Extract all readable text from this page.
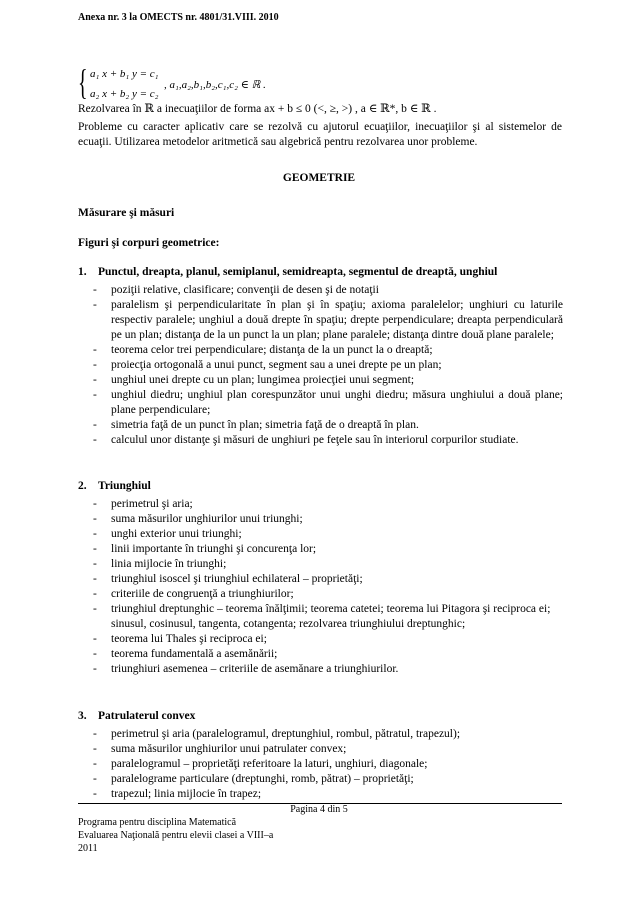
Anexa nr. 3 la OMECTS nr. 4801/31.VIII. 2010
{ a₁ x + b₁ y = c₁
a₂ x + b₂ y = c₂
, a₁,a₂,b₁,b₂,c₁,c₂ ∈ ℝ .
Rezolvarea în ℝ a inecuaţiilor de forma ax + b ≤ 0 (<, ≥, >) , a ∈ ℝ*, b ∈ ℝ .
Probleme cu caracter aplicativ care se rezolvă cu ajutorul ecuaţiilor, inecuaţiilor şi al sistemelor de ecuaţii. Utilizarea metodelor aritmetică sau algebrică pentru rezolvarea unor probleme.
GEOMETRIE
Măsurare şi măsuri
Figuri şi corpuri geometrice:
1. Punctul, dreapta, planul, semiplanul, semidreapta, segmentul de dreaptă, unghiul
- poziţii relative, clasificare; convenţii de desen şi de notaţii
- paralelism şi perpendicularitate în plan şi în spaţiu; axioma paralelelor; unghiuri cu laturile respectiv paralele; unghiul a două drepte în spaţiu; drepte perpendiculare; dreapta perpendiculară pe un plan; distanţa de la un punct la un plan; plane paralele; distanţa dintre două plane paralele;
- teorema celor trei perpendiculare; distanţa de la un punct la o dreaptă;
- proiecţia ortogonală a unui punct, segment sau a unei drepte pe un plan;
- unghiul unei drepte cu un plan; lungimea proiecţiei unui segment;
- unghiul diedru; unghiul plan corespunzător unui unghi diedru; măsura unghiului a două plane; plane perpendiculare;
- simetria faţă de un punct în plan; simetria faţă de o dreaptă în plan.
- calculul unor distanţe şi măsuri de unghiuri pe feţele sau în interiorul corpurilor studiate.
2. Triunghiul
- perimetrul şi aria;
- suma măsurilor unghiurilor unui triunghi;
- unghi exterior unui triunghi;
- linii importante în triunghi şi concurenţa lor;
- linia mijlocie în triunghi;
- triunghiul isoscel şi triunghiul echilateral – proprietăţi;
- criteriile de congruenţă a triunghiurilor;
- triunghiul dreptunghic – teorema înălţimii; teorema catetei; teorema lui Pitagora şi reciproca ei;
sinusul, cosinusul, tangenta, cotangenta; rezolvarea triunghiului dreptunghic;
- teorema lui Thales şi reciproca ei;
- teorema fundamentală a asemănării;
- triunghiuri asemenea – criteriile de asemănare a triunghiurilor.
3. Patrulaterul convex
- perimetrul şi aria (paralelogramul, dreptunghiul, rombul, pătratul, trapezul);
- suma măsurilor unghiurilor unui patrulater convex;
- paralelogramul – proprietăţi referitoare la laturi, unghiuri, diagonale;
- paralelograme particulare (dreptunghi, romb, pătrat) – proprietăţi;
- trapezul; linia mijlocie în trapez;
Pagina 4 din 5
Programa pentru disciplina Matematică
Evaluarea Naţională pentru elevii clasei a VIII–a
2011
